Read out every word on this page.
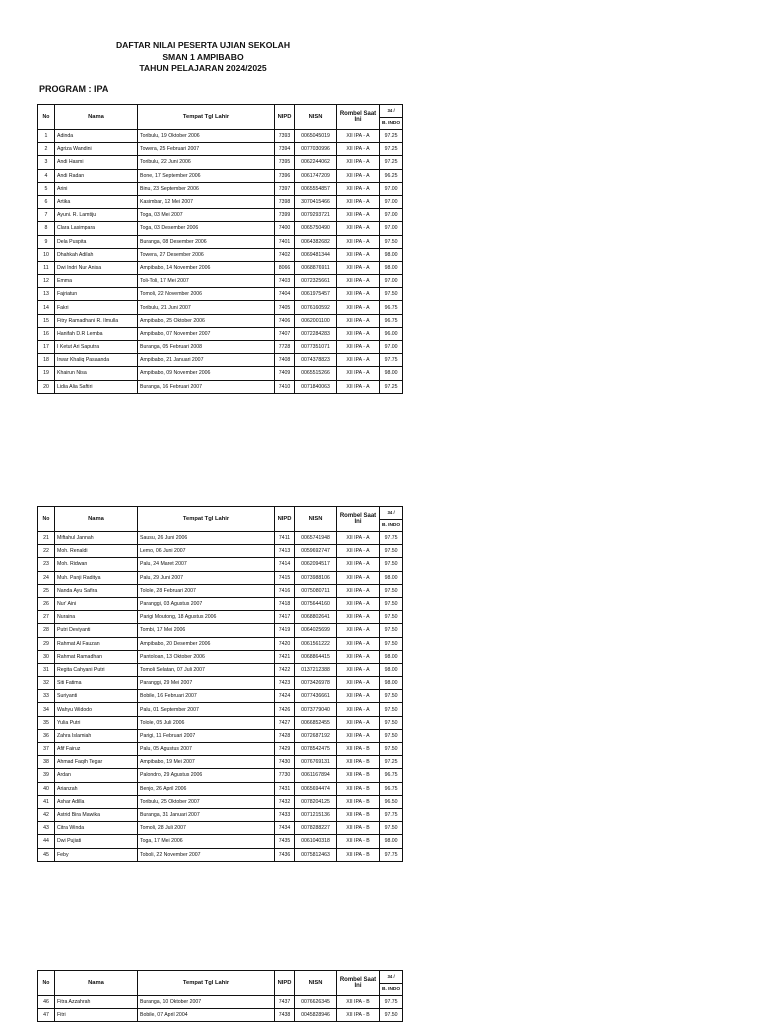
DAFTAR NILAI PESERTA UJIAN SEKOLAH
SMAN 1 AMPIBABO
TAHUN PELAJARAN 2024/2025
PROGRAM : IPA
No	Nama	Tempat Tgl Lahir	NIPD	NISN	Rombel Saat Ini	34 /
						B. INDO
1	Adinda	Toribulu, 19 Oktober 2006	7393	0065045019	XII IPA - A	97.25
2	Agriza Wandini	Towera, 25 Februari 2007	7394	0077030996	XII IPA - A	97.25
3	Andi Hasmi	Toribulu, 22 Juni 2006	7395	0062244062	XII IPA - A	97.25
4	Andi Radan	Bone, 17 September 2006	7396	0061747209	XII IPA - A	96.25
5	Arini	Binu, 23 September 2006	7397	0065554857	XII IPA - A	97.00
6	Artika	Kasimbar, 12 Mei 2007	7398	3070415466	XII IPA - A	97.00
7	Ayuni. R. Lamtiju	Toga, 03 Mei 2007	7399	0079293721	XII IPA - A	97.00
8	Clara Lasimpara	Toga, 03 Desember 2006	7400	0065750490	XII IPA - A	97.00
9	Dela Puspita	Buranga, 08 Desember 2006	7401	0064382682	XII IPA - A	97.50
10	Dhahkah Adilah	Towera, 27 Desember 2006	7402	0069481344	XII IPA - A	98.00
11	Dwi Indri Nur Anisa	Ampibabo, 14 November 2006	8066	0068876911	XII IPA - A	98.00
12	Emma	Toli-Toli, 17 Mei 2007	7403	0072325661	XII IPA - A	97.00
13	Fajriatun	Tomoli, 22 November 2006	7404	0061975457	XII IPA - A	97.50
14	Fakri	Toribulu, 21 Juni 2007	7405	0076160592	XII IPA - A	96.75
15	Fitry Ramadhani R. Ilmulla	Ampibabo, 25 Oktober 2006	7406	0062001100	XII IPA - A	96.75
16	Hanifah D.R Lemba	Ampibabo, 07 November 2007	7407	0072284283	XII IPA - A	96.00
17	I Ketut Ari Saputra	Buranga, 05 Februari 2008	7728	0077351071	XII IPA - A	97.00
18	Irwar Khaliq Pasaanda	Ampibabo, 21 Januari 2007	7408	0074378823	XII IPA - A	97.75
19	Khairun Nisa	Ampibabo, 09 November 2006	7409	0065515266	XII IPA - A	98.00
20	Lidia Alia Saftiri	Buranga, 16 Februari 2007	7410	0071840063	XII IPA - A	97.25
No	Nama	Tempat Tgl Lahir	NIPD	NISN	Rombel Saat Ini	34 /
						B. INDO
21	Miftahul Jannah	Sausu, 26 Juni 2006	7411	0065741948	XII IPA - A	97.75
22	Moh. Renaldi	Lemo, 06 Juni 2007	7413	0059692747	XII IPA - A	97.50
23	Moh. Ridwan	Palu, 24 Maret 2007	7414	0062094517	XII IPA - A	97.50
24	Muh. Panji Raditya	Palu, 29 Juni 2007	7415	0073988106	XII IPA - A	98.00
25	Nanda Ayu Safira	Tolole, 28 Februari 2007	7416	0075080711	XII IPA - A	97.50
26	Nur' Aini	Paranggi, 03 Agustus 2007	7418	0075644160	XII IPA - A	97.50
27	Nuraina	Parigi Moutong, 18 Agustus 2006	7417	0068802641	XII IPA - A	97.50
28	Putri Deviyanti	Tombi, 17 Mei 2006	7419	0064025699	XII IPA - A	97.50
29	Rahmat Al Fauzan	Ampibabo, 20 Desember 2006	7420	0061561222	XII IPA - A	97.50
30	Rahmat Ramadhan	Pantoloan, 13 Oktober 2006	7421	0068864415	XII IPA - A	98.00
31	Regita Cahyani Putri	Tomoli Selatan, 07 Juli 2007	7422	0137212388	XII IPA - A	98.00
32	Siti Fatima	Paranggi, 29 Mei 2007	7423	0073426978	XII IPA - A	98.00
33	Suriyanti	Bobile, 16 Februari 2007	7424	0077436661	XII IPA - A	97.50
34	Wahyu Widodo	Palu, 01 September 2007	7426	0073779040	XII IPA - A	97.50
35	Yulia Putri	Tolole, 05 Juli 2006	7427	0066852455	XII IPA - A	97.50
36	Zahra Islamiah	Parigi, 11 Februari 2007	7428	0072687192	XII IPA - A	97.50
37	Afif Fairuz	Palu, 05 Agustus 2007	7429	0078542475	XII IPA - B	97.50
38	Ahmad Faqih Tegar	Ampibabo, 19 Mei 2007	7430	0076769131	XII IPA - B	97.25
39	Ardan	Palondro, 29 Agustus 2006	7730	0061167894	XII IPA - B	96.75
40	Arianzah	Benjo, 26 April 2006	7431	0065694474	XII IPA - B	96.75
41	Ashar Adilla	Toribulu, 25 Oktober 2007	7432	0078204125	XII IPA - B	96.50
42	Astrid Bira Mawika	Buranga, 31 Januari 2007	7433	0071215136	XII IPA - B	97.75
43	Citra Winda	Tomoli, 28 Juli 2007	7434	0078288227	XII IPA - B	97.50
44	Dwi Pujiati	Toga, 17 Mei 2006	7435	0061040318	XII IPA - B	98.00
45	Feby	Toboli, 22 November 2007	7436	0075812463	XII IPA - B	97.75
No	Nama	Tempat Tgl Lahir	NIPD	NISN	Rombel Saat Ini	34 /
						B. INDO
46	Fitra Azzahrah	Buranga, 10 Oktober 2007	7437	0076626345	XII IPA - B	97.75
47	Fitri	Bobile, 07 April 2004	7438	0045828946	XII IPA - B	97.50
